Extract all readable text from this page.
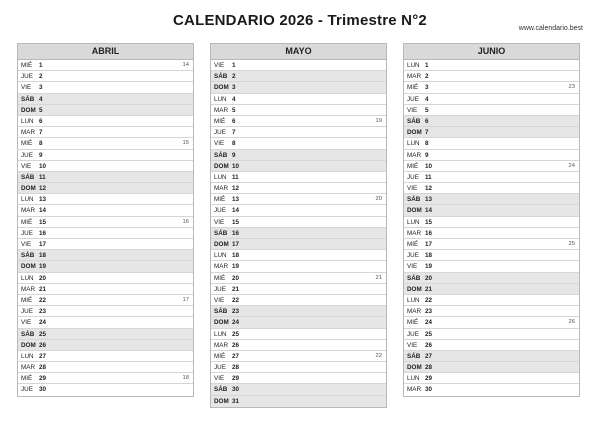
CALENDARIO 2026 - Trimestre N°2	www.calendario.best
ABRIL
MIÉ 1	14
JUE 2
VIE 3
SÁB 4
DOM 5
LUN 6
MAR 7
MIÉ 8	15
JUE 9
VIE 10
SÁB 11
DOM 12
LUN 13
MAR 14
MIÉ 15	16
JUE 16
VIE 17
SÁB 18
DOM 19
LUN 20
MAR 21
MIÉ 22	17
JUE 23
VIE 24
SÁB 25
DOM 26
LUN 27
MAR 28
MIÉ 29	18
JUE 30
MAYO
VIE 1
SÁB 2
DOM 3
LUN 4
MAR 5
MIÉ 6	19
JUE 7
VIE 8
SÁB 9
DOM 10
LUN 11
MAR 12
MIÉ 13	20
JUE 14
VIE 15
SÁB 16
DOM 17
LUN 18
MAR 19
MIÉ 20	21
JUE 21
VIE 22
SÁB 23
DOM 24
LUN 25
MAR 26
MIÉ 27	22
JUE 28
VIE 29
SÁB 30
DOM 31
JUNIO
LUN 1
MAR 2
MIÉ 3	23
JUE 4
VIE 5
SÁB 6
DOM 7
LUN 8
MAR 9
MIÉ 10	24
JUE 11
VIE 12
SÁB 13
DOM 14
LUN 15
MAR 16
MIÉ 17	25
JUE 18
VIE 19
SÁB 20
DOM 21
LUN 22
MAR 23
MIÉ 24	26
JUE 25
VIE 26
SÁB 27
DOM 28
LUN 29
MAR 30
